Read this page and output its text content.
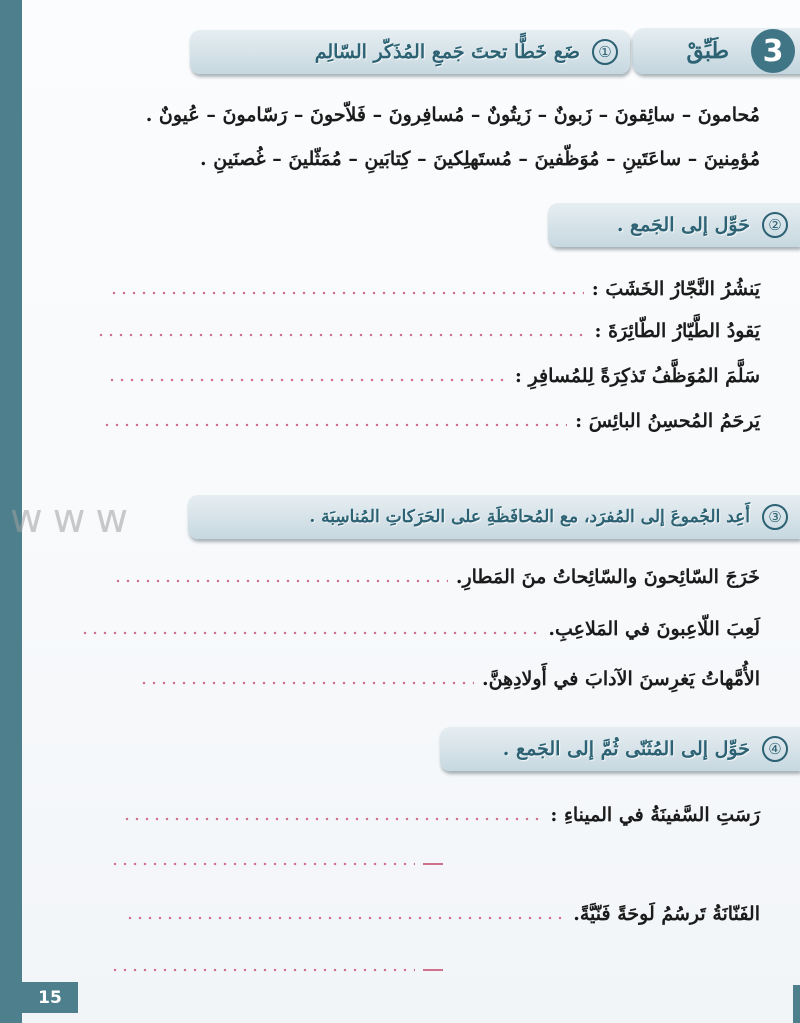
3
طَبِّقْ
①
ضَع خَطًّا تحتَ جَمعِ المُذَكّر السّالِم
مُحامونَ – سائِقونَ – زَبونٌ – زَيتُونٌ – مُسافِرونَ – فَلاّحونَ – رَسّامونَ – عُيونٌ .
مُؤمِنينَ – ساعَتَينِ – مُوَظّفينَ – مُستَهلِكينَ – كِتابَينِ – مُمَثّلينَ – غُصنَينِ .
②
حَوِّل إلى الجَمع .
يَنشُرُ النَّجّارُ الخَشَبَ :
يَقودُ الطَّيّارُ الطّائِرَةَ :
سَلَّمَ المُوَظَّفُ تَذكِرَةً لِلمُسافِرِ :
يَرحَمُ المُحسِنُ البائِسَ :
③
أَعِد الجُموعَ إلى المُفرَد، مع المُحافَظَةِ على الحَرَكاتِ المُناسِبَة .
www
خَرَجَ السّائِحونَ والسّائِحاتُ منَ المَطارِ.
لَعِبَ اللّاعِبونَ في المَلاعِبِ.
الأُمَّهاتُ يَغرِسنَ الآدابَ في أَولادِهِنَّ.
④
حَوِّل إلى المُثَنّى ثُمَّ إلى الجَمع .
رَسَتِ السَّفينَةُ في الميناءِ :
الفَنّانَةُ تَرسُمُ لَوحَةً فَنّيَّةً.
15
